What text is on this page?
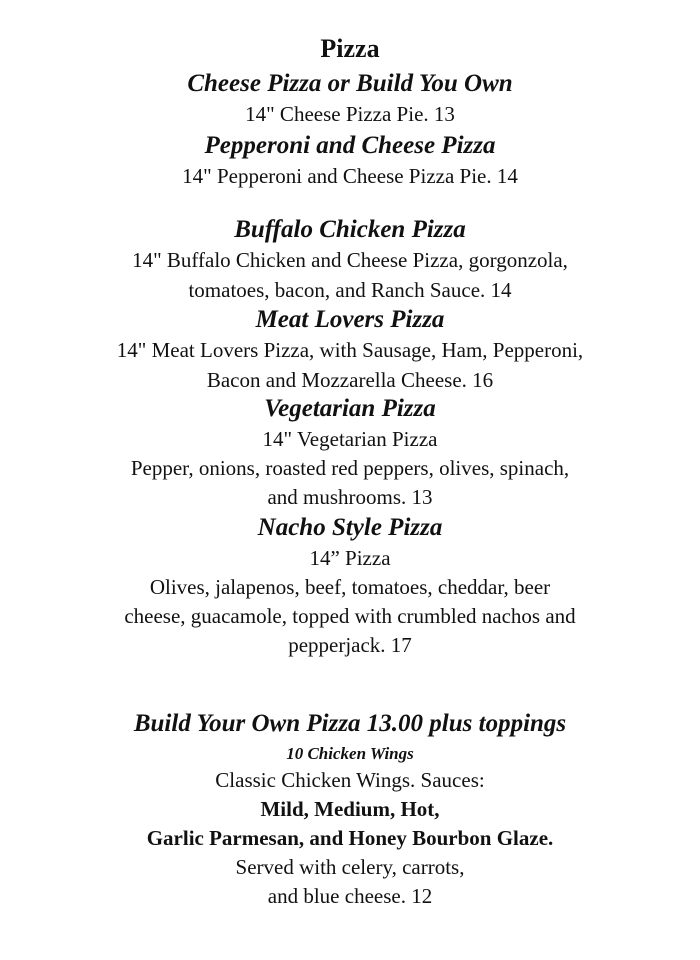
Pizza
Cheese Pizza or Build You Own
14" Cheese Pizza Pie. 13
Pepperoni and Cheese Pizza
14" Pepperoni and Cheese Pizza Pie. 14
Buffalo Chicken Pizza
14" Buffalo Chicken and Cheese Pizza, gorgonzola,
tomatoes, bacon, and Ranch Sauce. 14
Meat Lovers Pizza
14" Meat Lovers Pizza, with Sausage, Ham, Pepperoni,
Bacon and Mozzarella Cheese. 16
Vegetarian Pizza
14" Vegetarian Pizza
Pepper, onions, roasted red peppers, olives, spinach,
and mushrooms. 13
Nacho Style Pizza
14” Pizza
Olives, jalapenos, beef, tomatoes, cheddar, beer
cheese, guacamole, topped with crumbled nachos and
pepperjack. 17
Build Your Own Pizza 13.00 plus toppings
10 Chicken Wings
Classic Chicken Wings. Sauces:
Mild, Medium, Hot,
Garlic Parmesan, and Honey Bourbon Glaze.
Served with celery, carrots,
and blue cheese. 12
